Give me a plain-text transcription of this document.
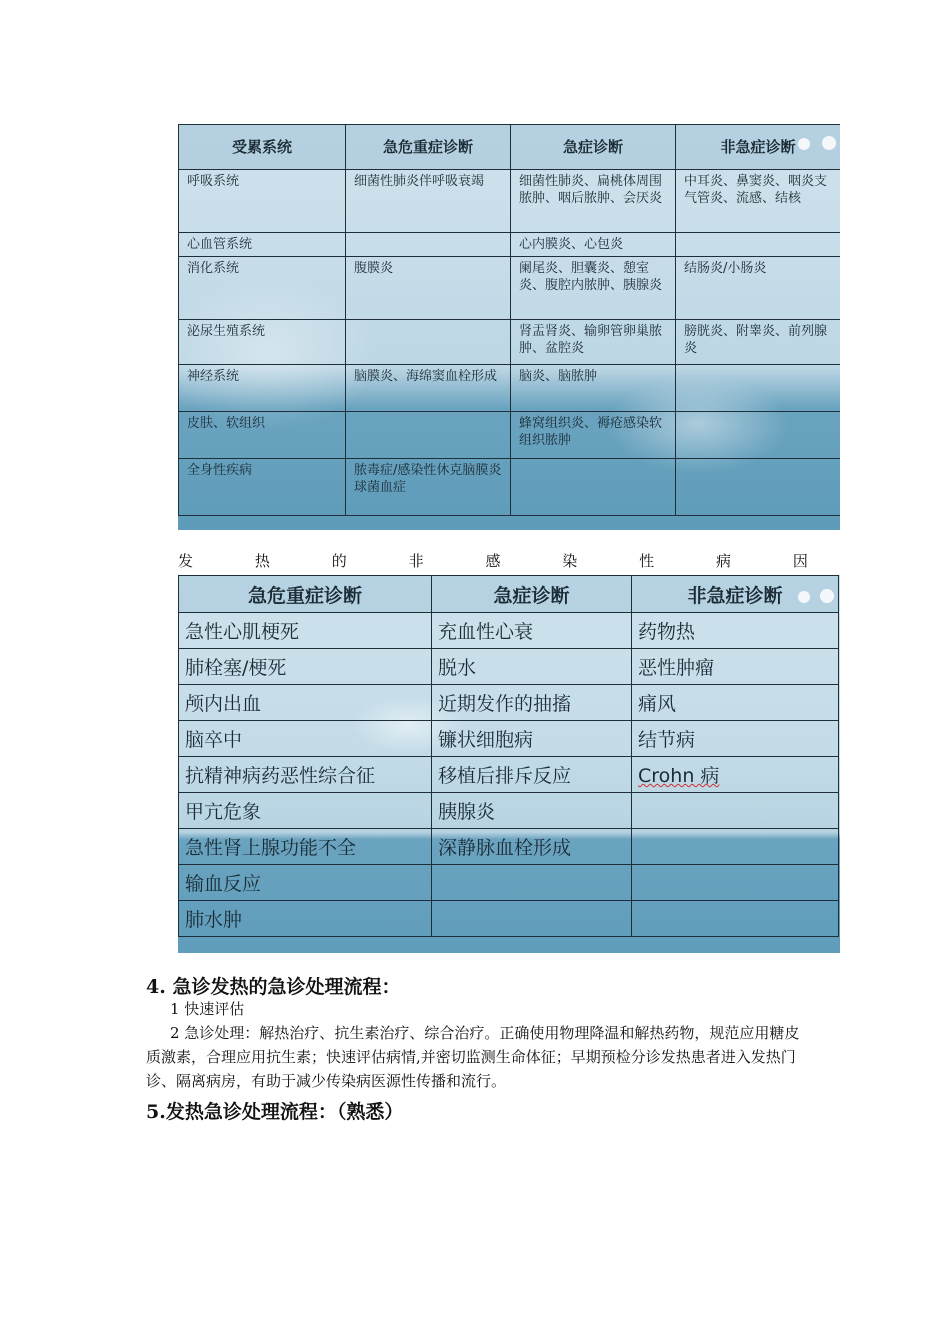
受累系统	急危重症诊断	急症诊断	非急症诊断
呼吸系统	细菌性肺炎伴呼吸衰竭	细菌性肺炎、扁桃体周围脓肿、咽后脓肿、会厌炎	中耳炎、鼻窦炎、咽炎支气管炎、流感、结核
心血管系统		心内膜炎、心包炎	
消化系统	腹膜炎	阑尾炎、胆囊炎、憩室炎、腹腔内脓肿、胰腺炎	结肠炎/小肠炎
泌尿生殖系统		肾盂肾炎、输卵管卵巢脓肿、盆腔炎	膀胱炎、附睾炎、前列腺炎
神经系统	脑膜炎、海绵窦血栓形成	脑炎、脑脓肿	
皮肤、软组织		蜂窝组织炎、褥疮感染软组织脓肿	
全身性疾病	脓毒症/感染性休克脑膜炎球菌血症		
发	热	的	非	感	染	性	病	因
急危重症诊断	急症诊断	非急症诊断
急性心肌梗死	充血性心衰	药物热
肺栓塞/梗死	脱水	恶性肿瘤
颅内出血	近期发作的抽搐	痛风
脑卒中	镰状细胞病	结节病
抗精神病药恶性综合征	移植后排斥反应	Crohn 病
甲亢危象	胰腺炎	
急性肾上腺功能不全	深静脉血栓形成	
输血反应		
肺水肿		
4. 急诊发热的急诊处理流程：
1 快速评估
2 急诊处理：解热治疗、抗生素治疗、综合治疗。正确使用物理降温和解热药物，规范应用糖皮质激素，合理应用抗生素；快速评估病情,并密切监测生命体征；早期预检分诊发热患者进入发热门诊、隔离病房，有助于减少传染病医源性传播和流行。
5.发热急诊处理流程：（熟悉）
